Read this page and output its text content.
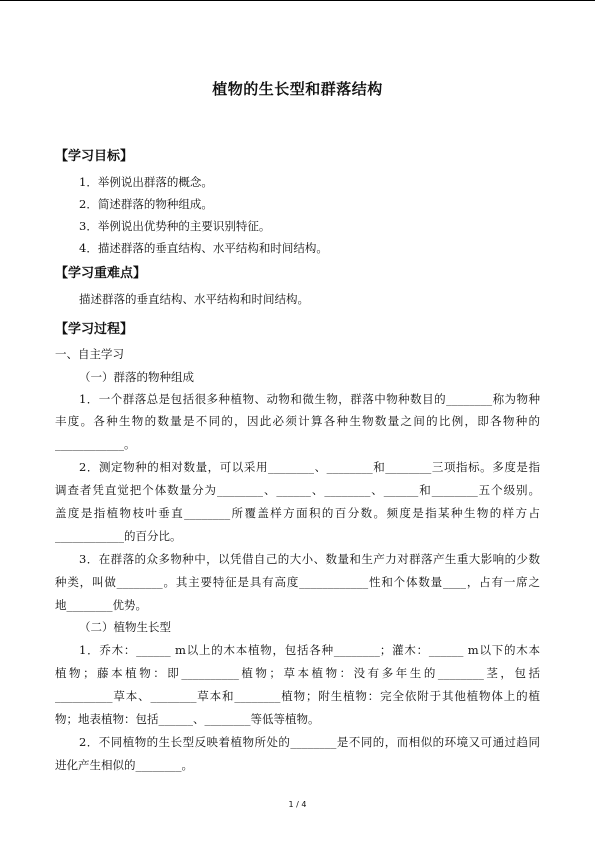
植物的生长型和群落结构
【学习目标】
1．举例说出群落的概念。
2．简述群落的物种组成。
3．举例说出优势种的主要识别特征。
4．描述群落的垂直结构、水平结构和时间结构。
【学习重难点】
描述群落的垂直结构、水平结构和时间结构。
【学习过程】
一、自主学习
（一）群落的物种组成
1．一个群落总是包括很多种植物、动物和微生物，群落中物种数目的________称为物种
丰度。各种生物的数量是不同的，因此必须计算各种生物数量之间的比例，即各物种的
____________。
2．测定物种的相对数量，可以采用________、________和________三项指标。多度是指
调查者凭直觉把个体数量分为________、______、________、______和________五个级别。
盖度是指植物枝叶垂直________所覆盖样方面积的百分数。频度是指某种生物的样方占
____________的百分比。
3．在群落的众多物种中，以凭借自己的大小、数量和生产力对群落产生重大影响的少数
种类，叫做________。其主要特征是具有高度____________性和个体数量____，占有一席之
地________优势。
（二）植物生长型
1．乔木：______ m以上的木本植物，包括各种________；灌木：______ m以下的木本
植物；藤本植物：即__________植物；草本植物：没有多年生的________茎，包括
__________草本、________草本和________植物；附生植物：完全依附于其他植物体上的植
物；地表植物：包括______、________等低等植物。
2．不同植物的生长型反映着植物所处的________是不同的，而相似的环境又可通过趋同
进化产生相似的________。
1 / 4
